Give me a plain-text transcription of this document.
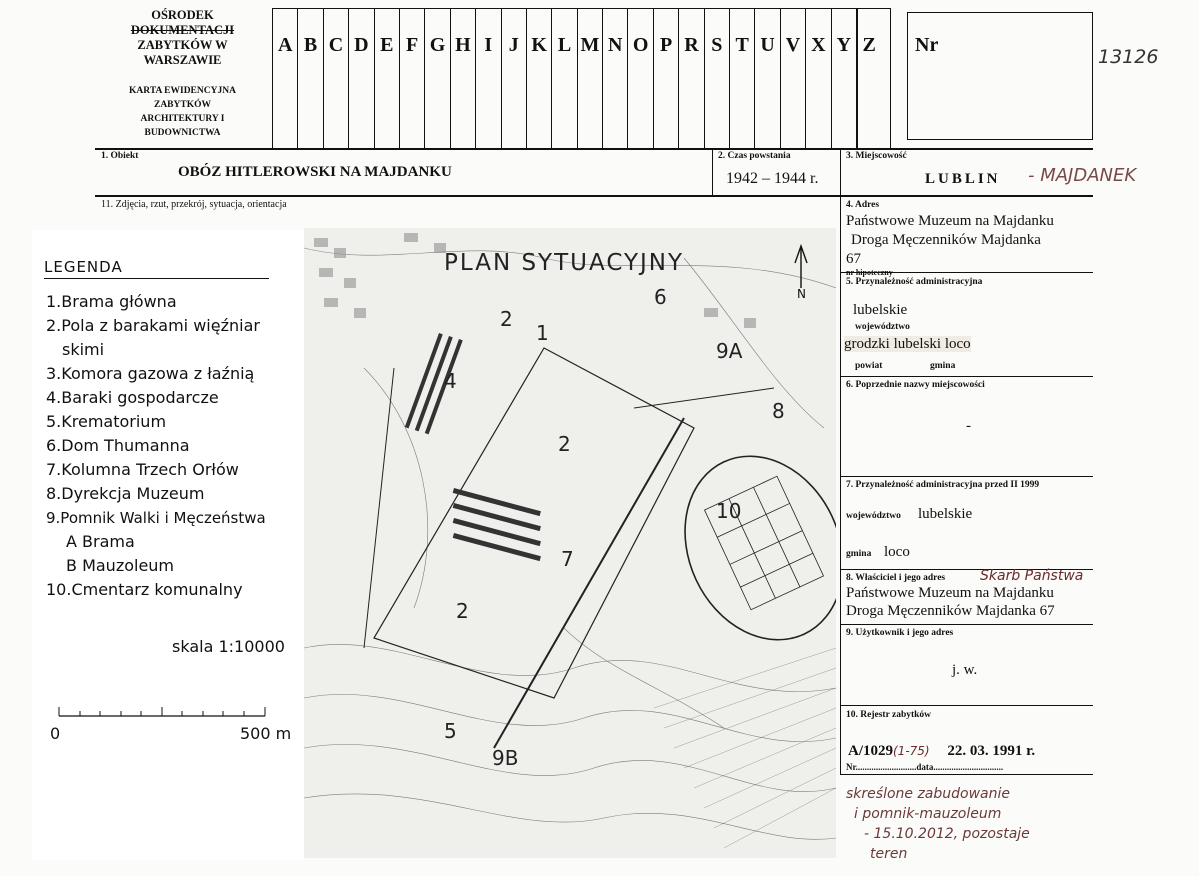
OŚRODEK
DOKUMENTACJI
ZABYTKÓW W
WARSZAWIE
KARTA EWIDENCYJNA
ZABYTKÓW
ARCHITEKTURY I
BUDOWNICTWA
A B C D E F G H I J K L M N O P R S T U V X Y Z Nr
13126
1. Obiekt
OBÓZ HITLEROWSKI NA MAJDANKU
2. Czas powstania
1942 – 1944 r.
3. Miejscowość
LUBLIN - MAJDANEK
11. Zdjęcia, rzut, przekrój, sytuacja, orientacja
LEGENDA
1.Brama główna
2.Pola z barakami więźniar
skimi
3.Komora gazowa z łaźnią
4.Baraki gospodarcze
5.Krematorium
6.Dom Thumanna
7.Kolumna Trzech Orłów
8.Dyrekcja Muzeum
9.Pomnik Walki i Męczeństwa
A Brama
B Mauzoleum
10.Cmentarz komunalny
skala 1:10000
0	500 m
N
PLAN SYTUACYJNY
1
2
4
6
9A
8
2
10
7
2
5
9B
4. Adres
Państwowe Muzeum na Majdanku
Droga Męczenników Majdanka
67
nr hipoteczny
5. Przynależność administracyjna
lubelskie
województwo
grodzki lubelski loco
powiat	gmina
6. Poprzednie nazwy miejscowości
-
7. Przynależność administracyjna przed II 1999
województwo lubelskie
gmina loco
8. Właściciel i jego adres Skarb Państwa
Państwowe Muzeum na Majdanku
Droga Męczenników Majdanka 67
9. Użytkownik i jego adres
j. w.
10. Rejestr zabytków
A/1029(1-75) 22. 03. 1991 r.
Nr...........................data...............................
skreślone zabudowanie
i pomnik-mauzoleum
- 15.10.2012, pozostaje
teren
